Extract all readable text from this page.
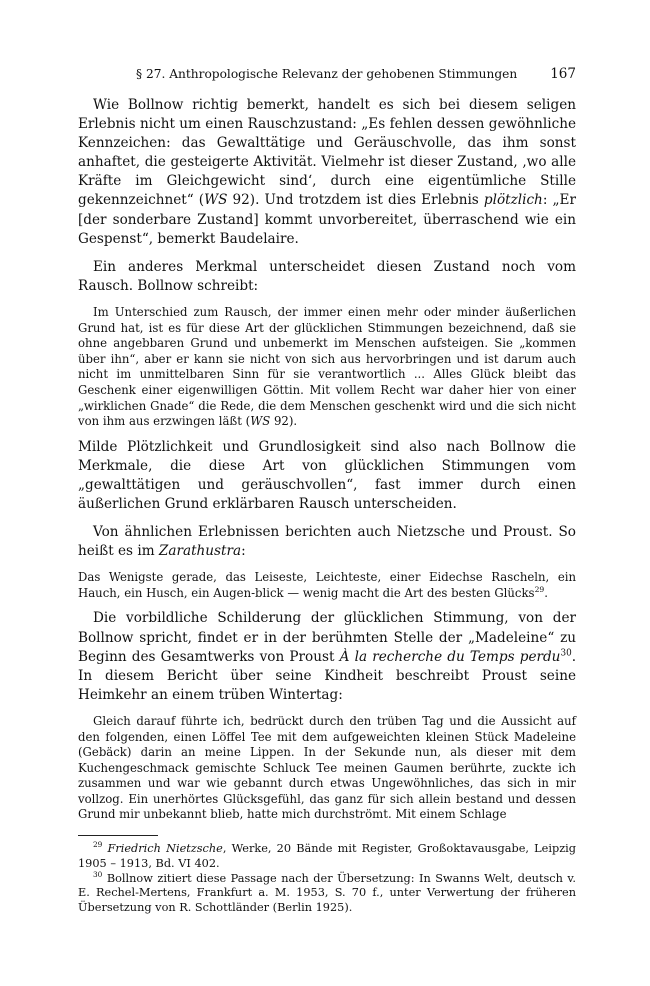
§ 27. Anthropologische Relevanz der gehobenen Stimmungen 167

Wie Bollnow richtig bemerkt, handelt es sich bei diesem seligen Erlebnis nicht um einen Rauschzustand: „Es fehlen dessen gewöhnliche Kennzeichen: das Gewalttätige und Geräuschvolle, das ihm sonst anhaftet, die gesteigerte Aktivität. Vielmehr ist dieser Zustand, ,wo alle Kräfte im Gleichgewicht sind‘, durch eine eigentümliche Stille gekennzeichnet“ (WS 92). Und trotzdem ist dies Erlebnis plötzlich: „Er [der sonderbare Zustand] kommt unvorbereitet, überraschend wie ein Gespenst“, bemerkt Baudelaire.

Ein anderes Merkmal unterscheidet diesen Zustand noch vom Rausch. Bollnow schreibt:

Im Unterschied zum Rausch, der immer einen mehr oder minder äußerlichen Grund hat, ist es für diese Art der glücklichen Stimmungen bezeichnend, daß sie ohne angebbaren Grund und unbemerkt im Menschen aufsteigen. Sie „kommen über ihn“, aber er kann sie nicht von sich aus hervorbringen und ist darum auch nicht im unmittelbaren Sinn für sie verantwortlich ... Alles Glück bleibt das Geschenk einer eigenwilligen Göttin. Mit vollem Recht war daher hier von einer „wirklichen Gnade“ die Rede, die dem Menschen geschenkt wird und die sich nicht von ihm aus erzwingen läßt (WS 92).

Milde Plötzlichkeit und Grundlosigkeit sind also nach Bollnow die Merkmale, die diese Art von glücklichen Stimmungen vom „gewalttätigen und geräuschvollen“, fast immer durch einen äußerlichen Grund erklärbaren Rausch unterscheiden.

Von ähnlichen Erlebnissen berichten auch Nietzsche und Proust. So heißt es im Zarathustra:

Das Wenigste gerade, das Leiseste, Leichteste, einer Eidechse Rascheln, ein Hauch, ein Husch, ein Augen-blick — wenig macht die Art des besten Glücks$^{29}$.

Die vorbildliche Schilderung der glücklichen Stimmung, von der Bollnow spricht, findet er in der berühmten Stelle der „Madeleine“ zu Beginn des Gesamtwerks von Proust À la recherche du Temps perdu$^{30}$. In diesem Bericht über seine Kindheit beschreibt Proust seine Heimkehr an einem trüben Wintertag:

Gleich darauf führte ich, bedrückt durch den trüben Tag und die Aussicht auf den folgenden, einen Löffel Tee mit dem aufgeweichten kleinen Stück Madeleine (Gebäck) darin an meine Lippen. In der Sekunde nun, als dieser mit dem Kuchengeschmack gemischte Schluck Tee meinen Gaumen berührte, zuckte ich zusammen und war wie gebannt durch etwas Ungewöhnliches, das sich in mir vollzog. Ein unerhörtes Glücksgefühl, das ganz für sich allein bestand und dessen Grund mir unbekannt blieb, hatte mich durchströmt. Mit einem Schlage

$^{29}$ Friedrich Nietzsche, Werke, 20 Bände mit Register, Großoktavausgabe, Leipzig 1905 – 1913, Bd. VI 402.

$^{30}$ Bollnow zitiert diese Passage nach der Übersetzung: In Swanns Welt, deutsch v. E. Rechel-Mertens, Frankfurt a. M. 1953, S. 70 f., unter Verwertung der früheren Übersetzung von R. Schottländer (Berlin 1925).
